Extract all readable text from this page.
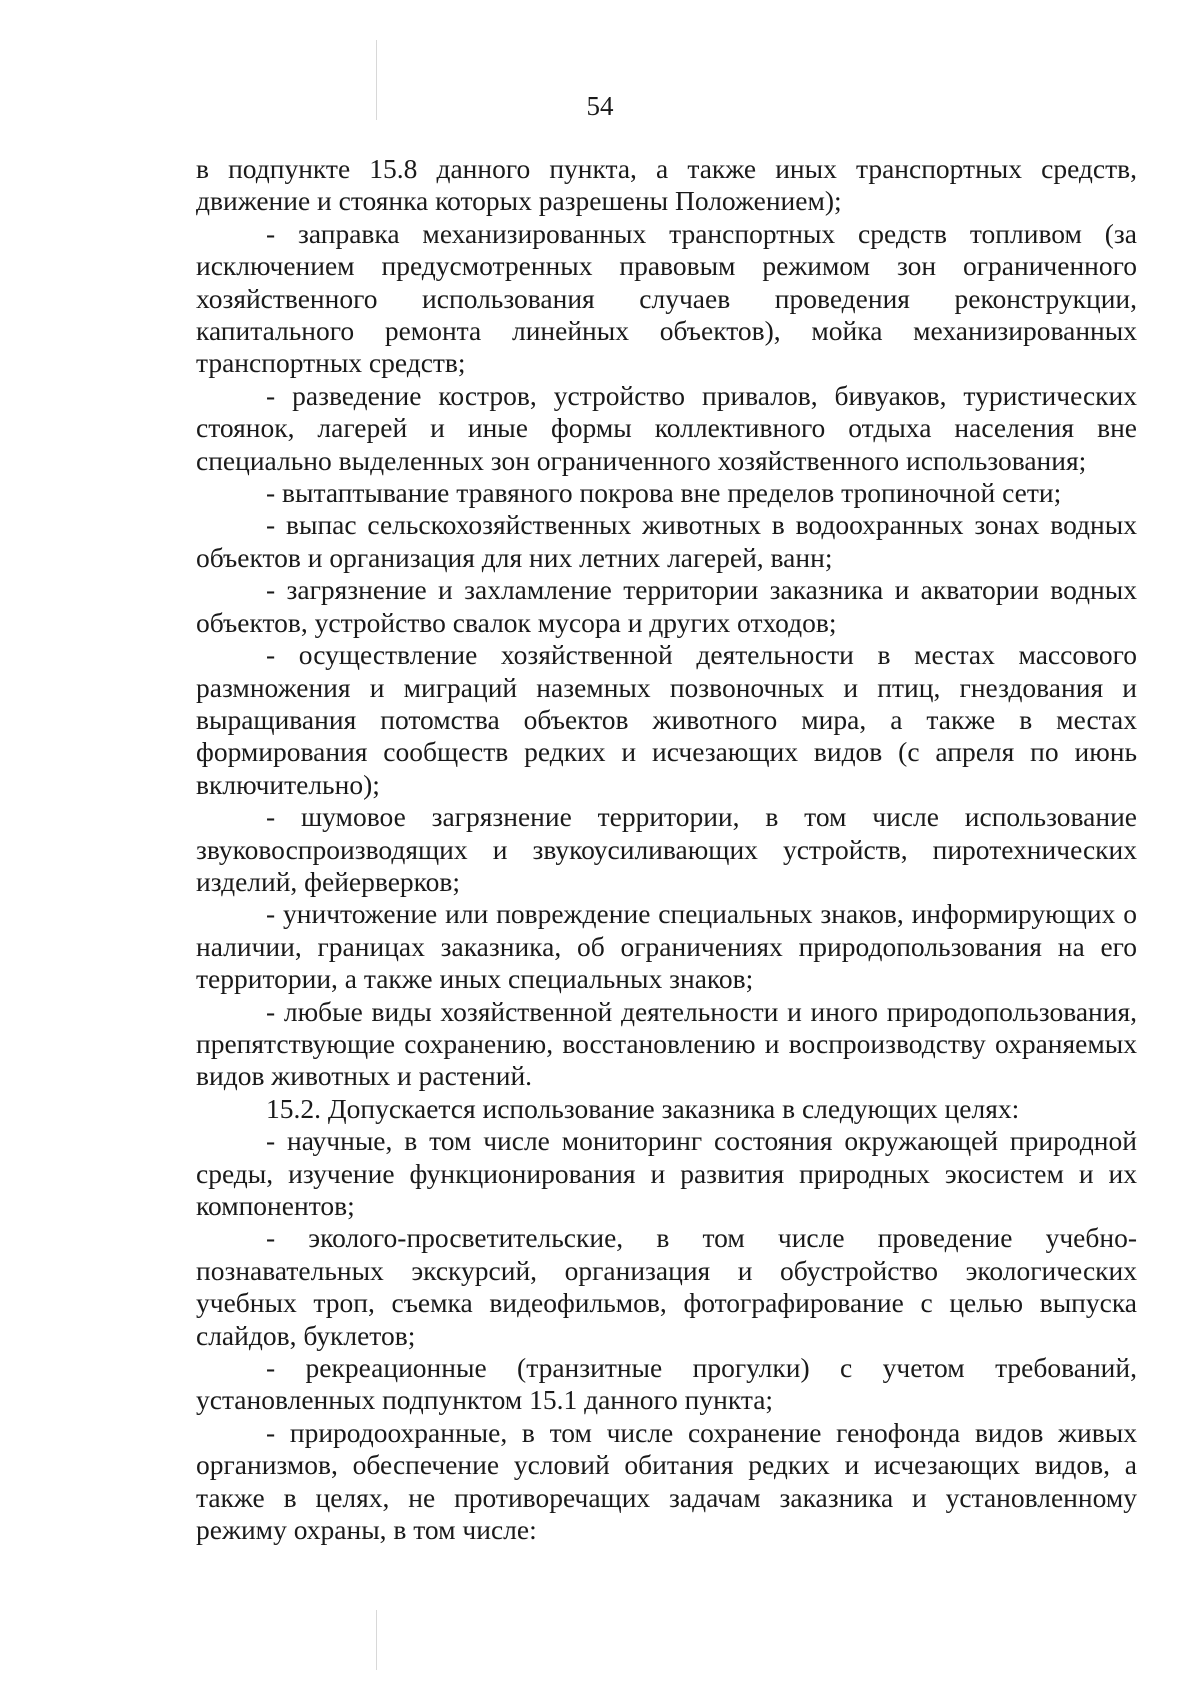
54

в подпункте 15.8 данного пункта, а также иных транспортных средств, движение и стоянка которых разрешены Положением);

- заправка механизированных транспортных средств топливом (за исключением предусмотренных правовым режимом зон ограниченного хозяйственного использования случаев проведения реконструкции, капитального ремонта линейных объектов), мойка механизированных транспортных средств;

- разведение костров, устройство привалов, бивуаков, туристических стоянок, лагерей и иные формы коллективного отдыха населения вне специально выделенных зон ограниченного хозяйственного использования;

- вытаптывание травяного покрова вне пределов тропиночной сети;

- выпас сельскохозяйственных животных в водоохранных зонах водных объектов и организация для них летних лагерей, ванн;

- загрязнение и захламление территории заказника и акватории водных объектов, устройство свалок мусора и других отходов;

- осуществление хозяйственной деятельности в местах массового размножения и миграций наземных позвоночных и птиц, гнездования и выращивания потомства объектов животного мира, а также в местах формирования сообществ редких и исчезающих видов (с апреля по июнь включительно);

- шумовое загрязнение территории, в том числе использование звуковоспроизводящих и звукоусиливающих устройств, пиротехнических изделий, фейерверков;

- уничтожение или повреждение специальных знаков, информирующих о наличии, границах заказника, об ограничениях природопользования на его территории, а также иных специальных знаков;

- любые виды хозяйственной деятельности и иного природопользования, препятствующие сохранению, восстановлению и воспроизводству охраняемых видов животных и растений.

15.2. Допускается использование заказника в следующих целях:

- научные, в том числе мониторинг состояния окружающей природной среды, изучение функционирования и развития природных экосистем и их компонентов;

- эколого-просветительские, в том числе проведение учебно-познавательных экскурсий, организация и обустройство экологических учебных троп, съемка видеофильмов, фотографирование с целью выпуска слайдов, буклетов;

- рекреационные (транзитные прогулки) с учетом требований, установленных подпунктом 15.1 данного пункта;

- природоохранные, в том числе сохранение генофонда видов живых организмов, обеспечение условий обитания редких и исчезающих видов, а также в целях, не противоречащих задачам заказника и установленному режиму охраны, в том числе:
